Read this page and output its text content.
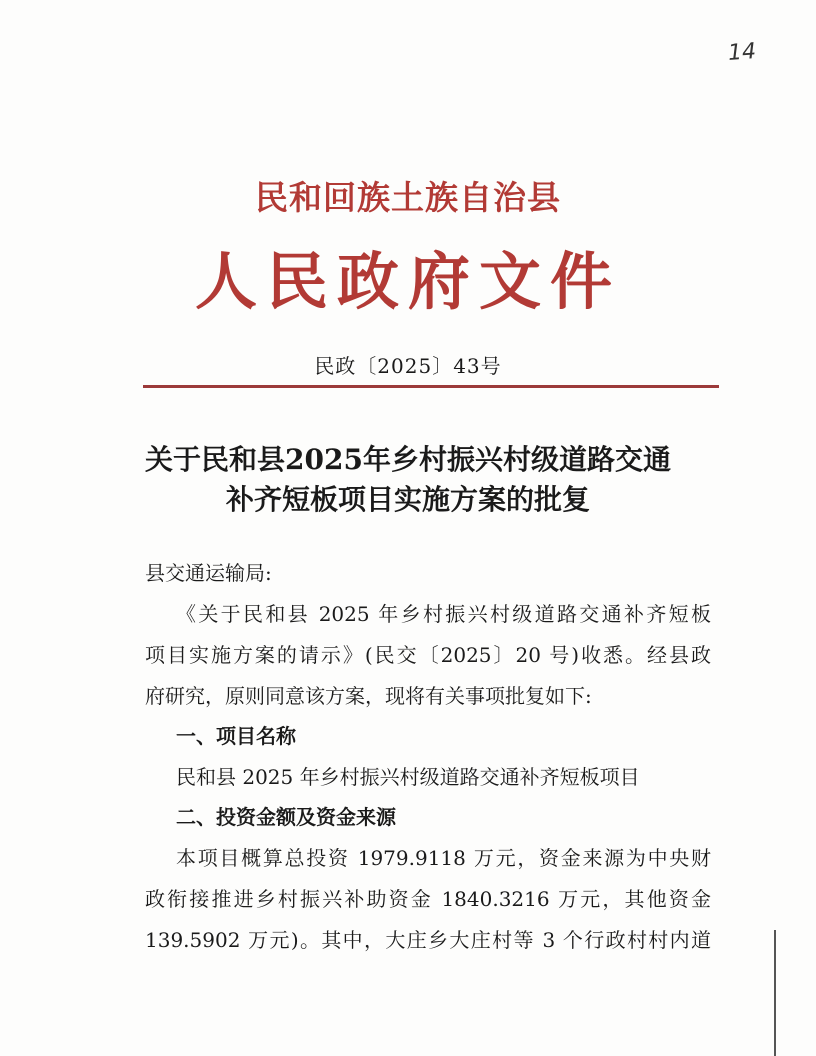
14
民和回族土族自治县
人民政府文件
民政〔2025〕43号
关于民和县2025年乡村振兴村级道路交通
补齐短板项目实施方案的批复
县交通运输局:
《关于民和县 2025 年乡村振兴村级道路交通补齐短板
项目实施方案的请示》(民交〔2025〕20 号)收悉。经县政
府研究，原则同意该方案，现将有关事项批复如下:
一、项目名称
民和县 2025 年乡村振兴村级道路交通补齐短板项目
二、投资金额及资金来源
本项目概算总投资 1979.9118 万元，资金来源为中央财
政衔接推进乡村振兴补助资金 1840.3216 万元，其他资金
139.5902 万元)。其中，大庄乡大庄村等 3 个行政村村内道
